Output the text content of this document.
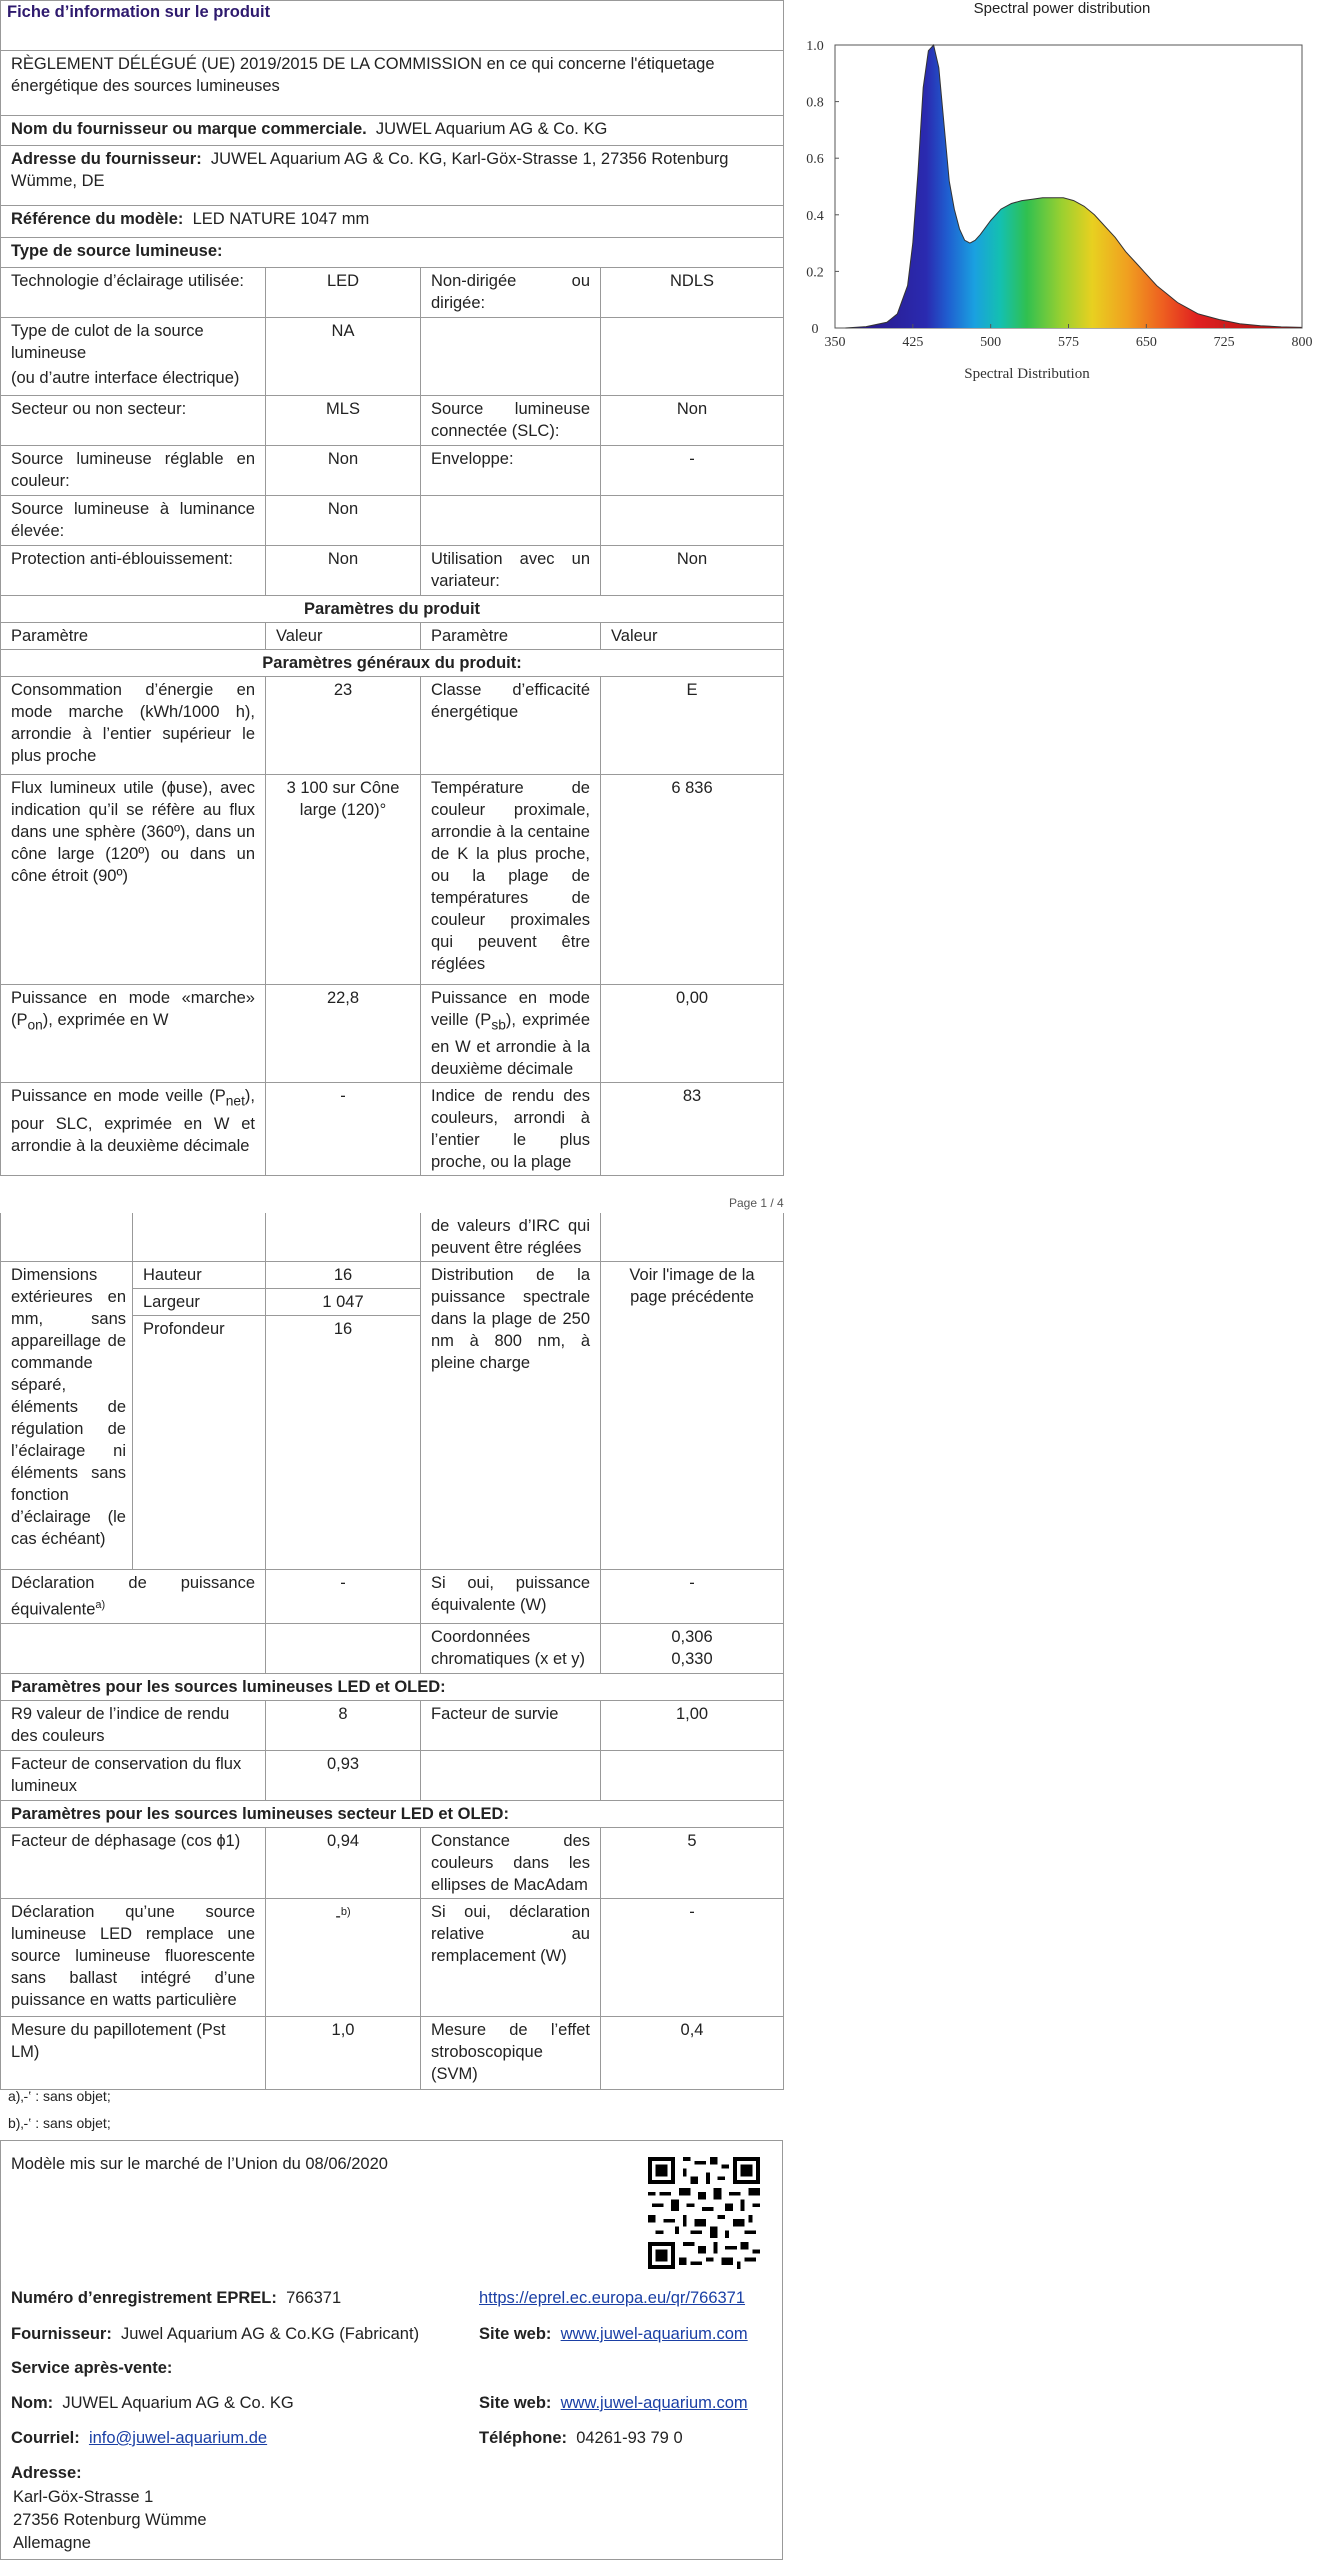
Spectral power distribution
350	425	500	575	650	725	800
0
0.2
0.4
0.6
0.8
1.0
Spectral Distribution
Fiche d’information sur le produit			
RÈGLEMENT DÉLÉGUÉ (UE) 2019/2015 DE LA COMMISSION en ce qui concerne l'étiquetage énergétique des sources lumineuses			
Nom du fournisseur ou marque commerciale. JUWEL Aquarium AG & Co. KG			
Adresse du fournisseur: JUWEL Aquarium AG & Co. KG, Karl-Göx-Strasse 1, 27356 Rotenburg Wümme, DE			
Référence du modèle: LED NATURE 1047 mm			
Type de source lumineuse:			
Technologie d’éclairage utilisée:	LED	Non-dirigée ou dirigée:	NDLS

Type de culot de la source lumineuse
(ou d’autre interface électrique)	NA		
Secteur ou non secteur:	MLS	Source lumineuse connectée (SLC):	Non
Source lumineuse réglable en couleur:	Non	Enveloppe:	-
Source lumineuse à luminance élevée:	Non		
Protection anti-éblouissement:	Non	Utilisation avec un variateur:	Non
Paramètres du produit			
Paramètre	Valeur	Paramètre	Valeur
Paramètres généraux du produit:			
Consommation d’énergie en mode marche (kWh/1000 h), arrondie à l’entier supérieur le plus proche	23	Classe d’efficacité énergétique	E
Flux lumineux utile (ɸuse), avec indication qu’il se réfère au flux dans une sphère (360º), dans un cône large (120º) ou dans un cône étroit (90º)	3 100 sur Cône large (120)°	Température de couleur proximale, arrondie à la centaine de K la plus proche, ou la plage de températures de couleur proximales qui peuvent être réglées	6 836
Puissance en mode «marche» $(P_{on})$, exprimée en W	22,8	Puissance en mode veille $(P_{sb})$, exprimée en W et arrondie à la deuxième décimale	0,00
Puissance en mode veille $(P_{net})$, pour SLC, exprimée en W et arrondie à la deuxième décimale	-	Indice de rendu des couleurs, arrondi à l’entier le plus proche, ou la plage	83
Page 1 / 4
			de valeurs d’IRC qui peuvent être réglées	
Dimensions extérieures en mm, sans appareillage de commande séparé, éléments de régulation de l’éclairage ni éléments sans fonction d’éclairage (le cas échéant)	Hauteur	16	Distribution de la puissance spectrale dans la plage de 250 nm à 800 nm, à pleine charge	Voir l'image de la page précédente
	Largeur	1 047		
	Profondeur	16		
Déclaration de puissance équivalente$^{a)}$		-	Si oui, puissance équivalente (W)	-
			Coordonnées chromatiques (x et y)	0,306
0,330

Paramètres pour les sources lumineuses LED et OLED:				
R9 valeur de l’indice de rendu des couleurs		8	Facteur de survie	1,00
Facteur de conservation du flux lumineux		0,93		
Paramètres pour les sources lumineuses secteur LED et OLED:				
Facteur de déphasage (cos ɸ1)		0,94	Constance des couleurs dans les ellipses de MacAdam	5
Déclaration qu’une source lumineuse LED remplace une source lumineuse fluorescente sans ballast intégré d’une puissance en watts particulière		-$^{b)}$	Si oui, déclaration relative au remplacement (W)	-
Mesure du papillotement (Pst LM)		1,0	Mesure de l’effet stroboscopique (SVM)	0,4
a)‚-‛ : sans objet;
b)‚-‛ : sans objet;
Modèle mis sur le marché de l’Union du 08/06/2020
Numéro d’enregistrement EPREL: 766371	https://eprel.ec.europa.eu/qr/766371
Fournisseur: Juwel Aquarium AG & Co.KG (Fabricant)	Site web: www.juwel-aquarium.com
Service après-vente:
Nom: JUWEL Aquarium AG & Co. KG	Site web: www.juwel-aquarium.com
Courriel: info@juwel-aquarium.de	Téléphone: 04261-93 79 0
Adresse:
Karl-Göx-Strasse 1
27356 Rotenburg Wümme
Allemagne
